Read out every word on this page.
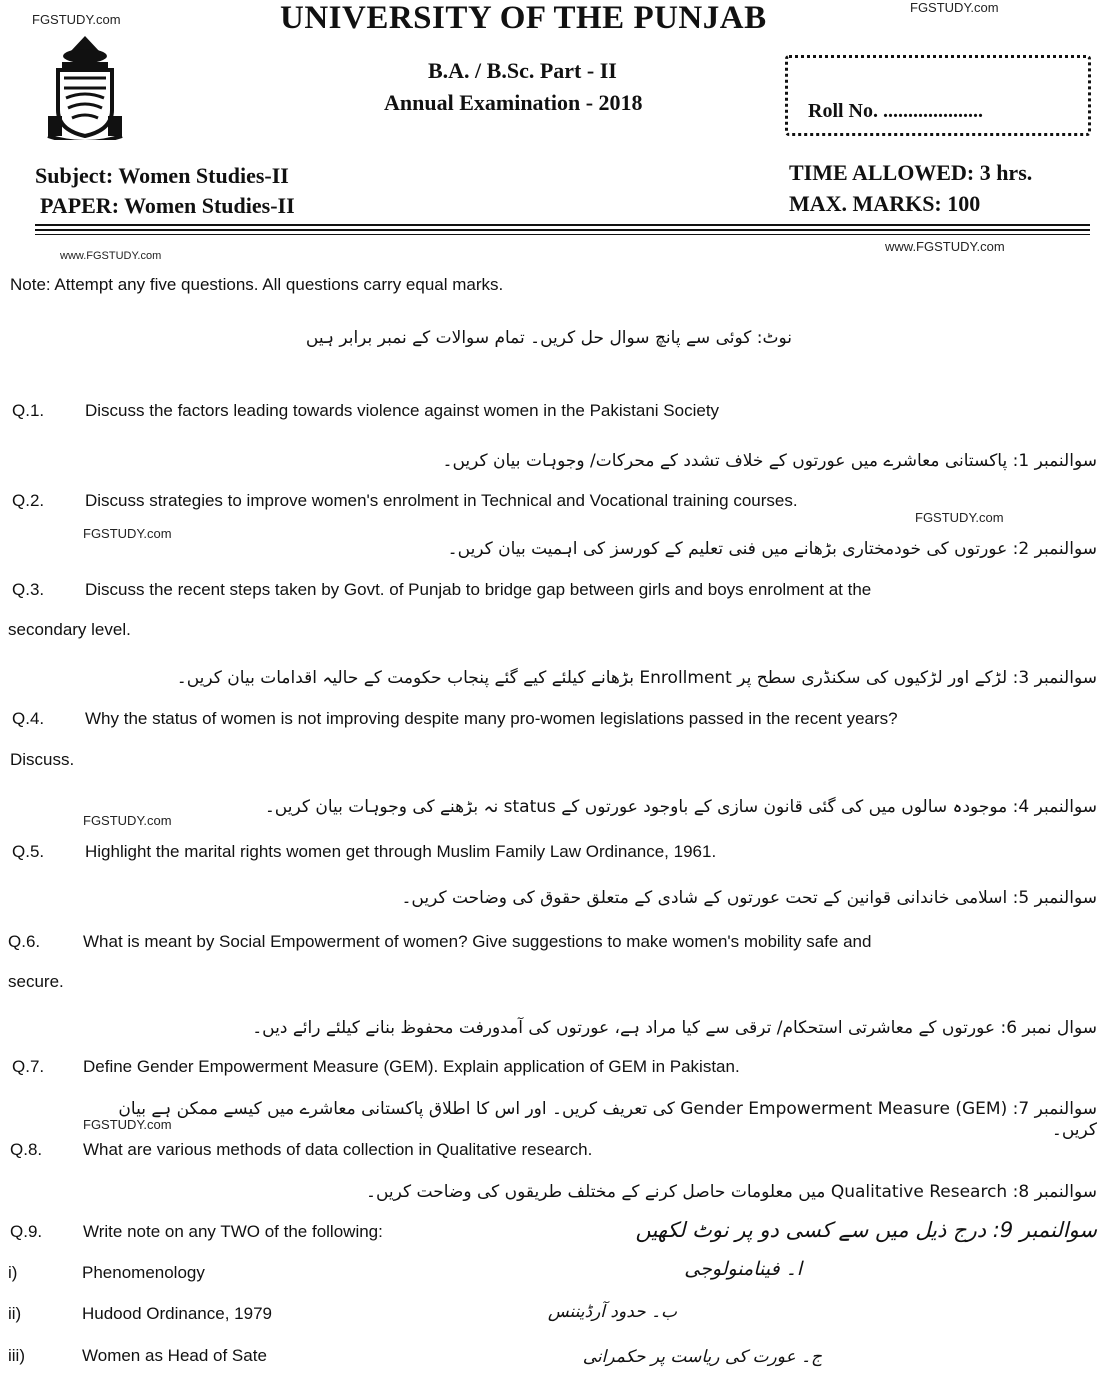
FGSTUDY.com
FGSTUDY.com
www.FGSTUDY.com
www.FGSTUDY.com
FGSTUDY.com
FGSTUDY.com
FGSTUDY.com
FGSTUDY.com
UNIVERSITY OF THE PUNJAB
B.A. / B.Sc. Part - II
Annual Examination - 2018	Roll No. ....................
Subject: Women Studies-II
PAPER: Women Studies-II
TIME ALLOWED: 3 hrs.
MAX. MARKS: 100
Note: Attempt any five questions. All questions carry equal marks.
نوٹ: کوئی سے پانچ سوال حل کریں۔ تمام سوالات کے نمبر برابر ہیں
Q.1. Discuss the factors leading towards violence against women in the Pakistani Society
سوالنمبر 1: پاکستانی معاشرے میں عورتوں کے خلاف تشدد کے محرکات/ وجوہات بیان کریں۔
Q.2. Discuss strategies to improve women's enrolment in Technical and Vocational training courses.
سوالنمبر 2: عورتوں کی خودمختاری بڑھانے میں فنی تعلیم کے کورسز کی اہمیت بیان کریں۔
Q.3. Discuss the recent steps taken by Govt. of Punjab to bridge gap between girls and boys enrolment at the
secondary level.
سوالنمبر 3: لڑکے اور لڑکیوں کی سکنڈری سطح پر Enrollment بڑھانے کیلئے کیے گئے پنجاب حکومت کے حالیہ اقدامات بیان کریں۔
Q.4. Why the status of women is not improving despite many pro-women legislations passed in the recent years?
Discuss.
سوالنمبر 4: موجودہ سالوں میں کی گئی قانون سازی کے باوجود عورتوں کے status نہ بڑھنے کی وجوہات بیان کریں۔
Q.5. Highlight the marital rights women get through Muslim Family Law Ordinance, 1961.
سوالنمبر 5: اسلامی خاندانی قوانین کے تحت عورتوں کے شادی کے متعلق حقوق کی وضاحت کریں۔
Q.6.	What is meant by Social Empowerment of women? Give suggestions to make women's mobility safe and
secure.
سوال نمبر 6: عورتوں کے معاشرتی استحکام/ ترقی سے کیا مراد ہے، عورتوں کی آمدورفت محفوظ بنانے کیلئے رائے دیں۔
Q.7. Define Gender Empowerment Measure (GEM). Explain application of GEM in Pakistan.
سوالنمبر 7: Gender Empowerment Measure (GEM) کی تعریف کریں۔ اور اس کا اطلاق پاکستانی معاشرے میں کیسے ممکن ہے بیان کریں۔
Q.8. What are various methods of data collection in Qualitative research.
سوالنمبر 8: Qualitative Research میں معلومات حاصل کرنے کے مختلف طریقوں کی وضاحت کریں۔
Q.9. Write note on any TWO of the following:	سوالنمبر 9: درج ذیل میں سے کسی دو پر نوٹ لکھیں
i)	Phenomenology	ا۔ فینامنولوجی
ii)	Hudood Ordinance, 1979	ب۔ حدود آرڈیننس
iii)	Women as Head of Sate	ج۔ عورت کی ریاست پر حکمرانی
